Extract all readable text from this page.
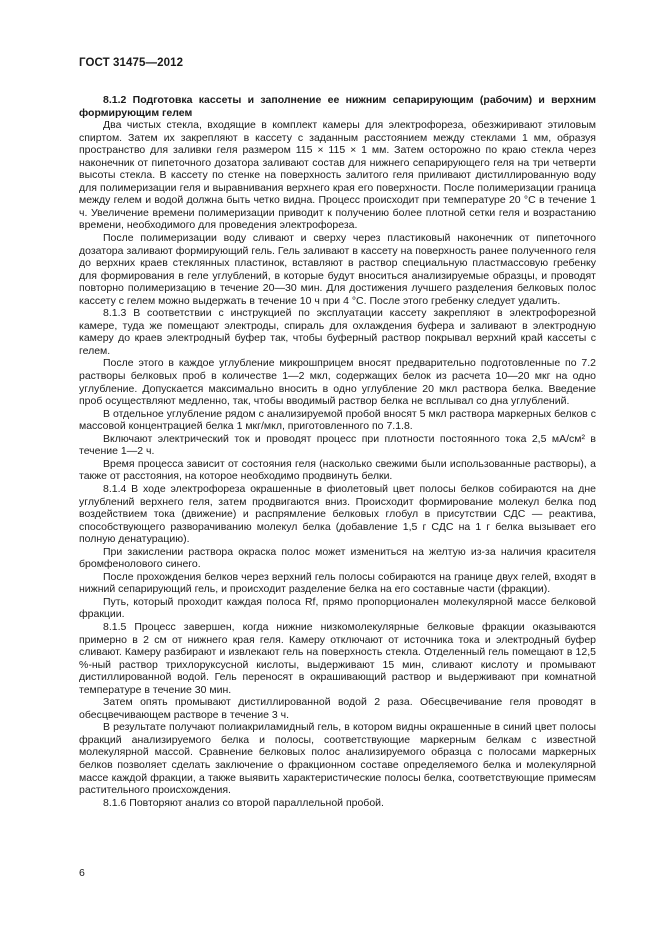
ГОСТ 31475—2012

8.1.2 Подготовка кассеты и заполнение ее нижним сепарирующим (рабочим) и верхним формирующим гелем

Два чистых стекла, входящие в комплект камеры для электрофореза, обезжиривают этиловым спиртом. Затем их закрепляют в кассету с заданным расстоянием между стеклами 1 мм, образуя пространство для заливки геля размером 115 × 115 × 1 мм. Затем осторожно по краю стекла через наконечник от пипеточного дозатора заливают состав для нижнего сепарирующего геля на три четверти высоты стекла. В кассету по стенке на поверхность залитого геля приливают дистиллированную воду для полимеризации геля и выравнивания верхнего края его поверхности. После полимеризации граница между гелем и водой должна быть четко видна. Процесс происходит при температуре 20 °С в течение 1 ч. Увеличение времени полимеризации приводит к получению более плотной сетки геля и возрастанию времени, необходимого для проведения электрофореза.

После полимеризации воду сливают и сверху через пластиковый наконечник от пипеточного дозатора заливают формирующий гель. Гель заливают в кассету на поверхность ранее полученного геля до верхних краев стеклянных пластинок, вставляют в раствор специальную пластмассовую гребенку для формирования в геле углублений, в которые будут вноситься анализируемые образцы, и проводят повторно полимеризацию в течение 20—30 мин. Для достижения лучшего разделения белковых полос кассету с гелем можно выдержать в течение 10 ч при 4 °С. После этого гребенку следует удалить.

8.1.3 В соответствии с инструкцией по эксплуатации кассету закрепляют в электрофорезной камере, туда же помещают электроды, спираль для охлаждения буфера и заливают в электродную камеру до краев электродный буфер так, чтобы буферный раствор покрывал верхний край кассеты с гелем.

После этого в каждое углубление микрошприцем вносят предварительно подготовленные по 7.2 растворы белковых проб в количестве 1—2 мкл, содержащих белок из расчета 10—20 мкг на одно углубление. Допускается максимально вносить в одно углубление 20 мкл раствора белка. Введение проб осуществляют медленно, так, чтобы вводимый раствор белка не всплывал со дна углублений.

В отдельное углубление рядом с анализируемой пробой вносят 5 мкл раствора маркерных белков с массовой концентрацией белка 1 мкг/мкл, приготовленного по 7.1.8.

Включают электрический ток и проводят процесс при плотности постоянного тока 2,5 мА/см² в течение 1—2 ч.

Время процесса зависит от состояния геля (насколько свежими были использованные растворы), а также от расстояния, на которое необходимо продвинуть белки.

8.1.4 В ходе электрофореза окрашенные в фиолетовый цвет полосы белков собираются на дне углублений верхнего геля, затем продвигаются вниз. Происходит формирование молекул белка под воздействием тока (движение) и распрямление белковых глобул в присутствии СДС — реактива, способствующего разворачиванию молекул белка (добавление 1,5 г СДС на 1 г белка вызывает его полную денатурацию).

При закислении раствора окраска полос может измениться на желтую из-за наличия красителя бромфенолового синего.

После прохождения белков через верхний гель полосы собираются на границе двух гелей, входят в нижний сепарирующий гель, и происходит разделение белка на его составные части (фракции).

Путь, который проходит каждая полоса Rf, прямо пропорционален молекулярной массе белковой фракции.

8.1.5 Процесс завершен, когда нижние низкомолекулярные белковые фракции оказываются примерно в 2 см от нижнего края геля. Камеру отключают от источника тока и электродный буфер сливают. Камеру разбирают и извлекают гель на поверхность стекла. Отделенный гель помещают в 12,5 %-ный раствор трихлоруксусной кислоты, выдерживают 15 мин, сливают кислоту и промывают дистиллированной водой. Гель переносят в окрашивающий раствор и выдерживают при комнатной температуре в течение 30 мин.

Затем опять промывают дистиллированной водой 2 раза. Обесцвечивание геля проводят в обесцвечивающем растворе в течение 3 ч.

В результате получают полиакриламидный гель, в котором видны окрашенные в синий цвет полосы фракций анализируемого белка и полосы, соответствующие маркерным белкам с известной молекулярной массой. Сравнение белковых полос анализируемого образца с полосами маркерных белков позволяет сделать заключение о фракционном составе определяемого белка и молекулярной массе каждой фракции, а также выявить характеристические полосы белка, соответствующие примесям растительного происхождения.

8.1.6 Повторяют анализ со второй параллельной пробой.

6
